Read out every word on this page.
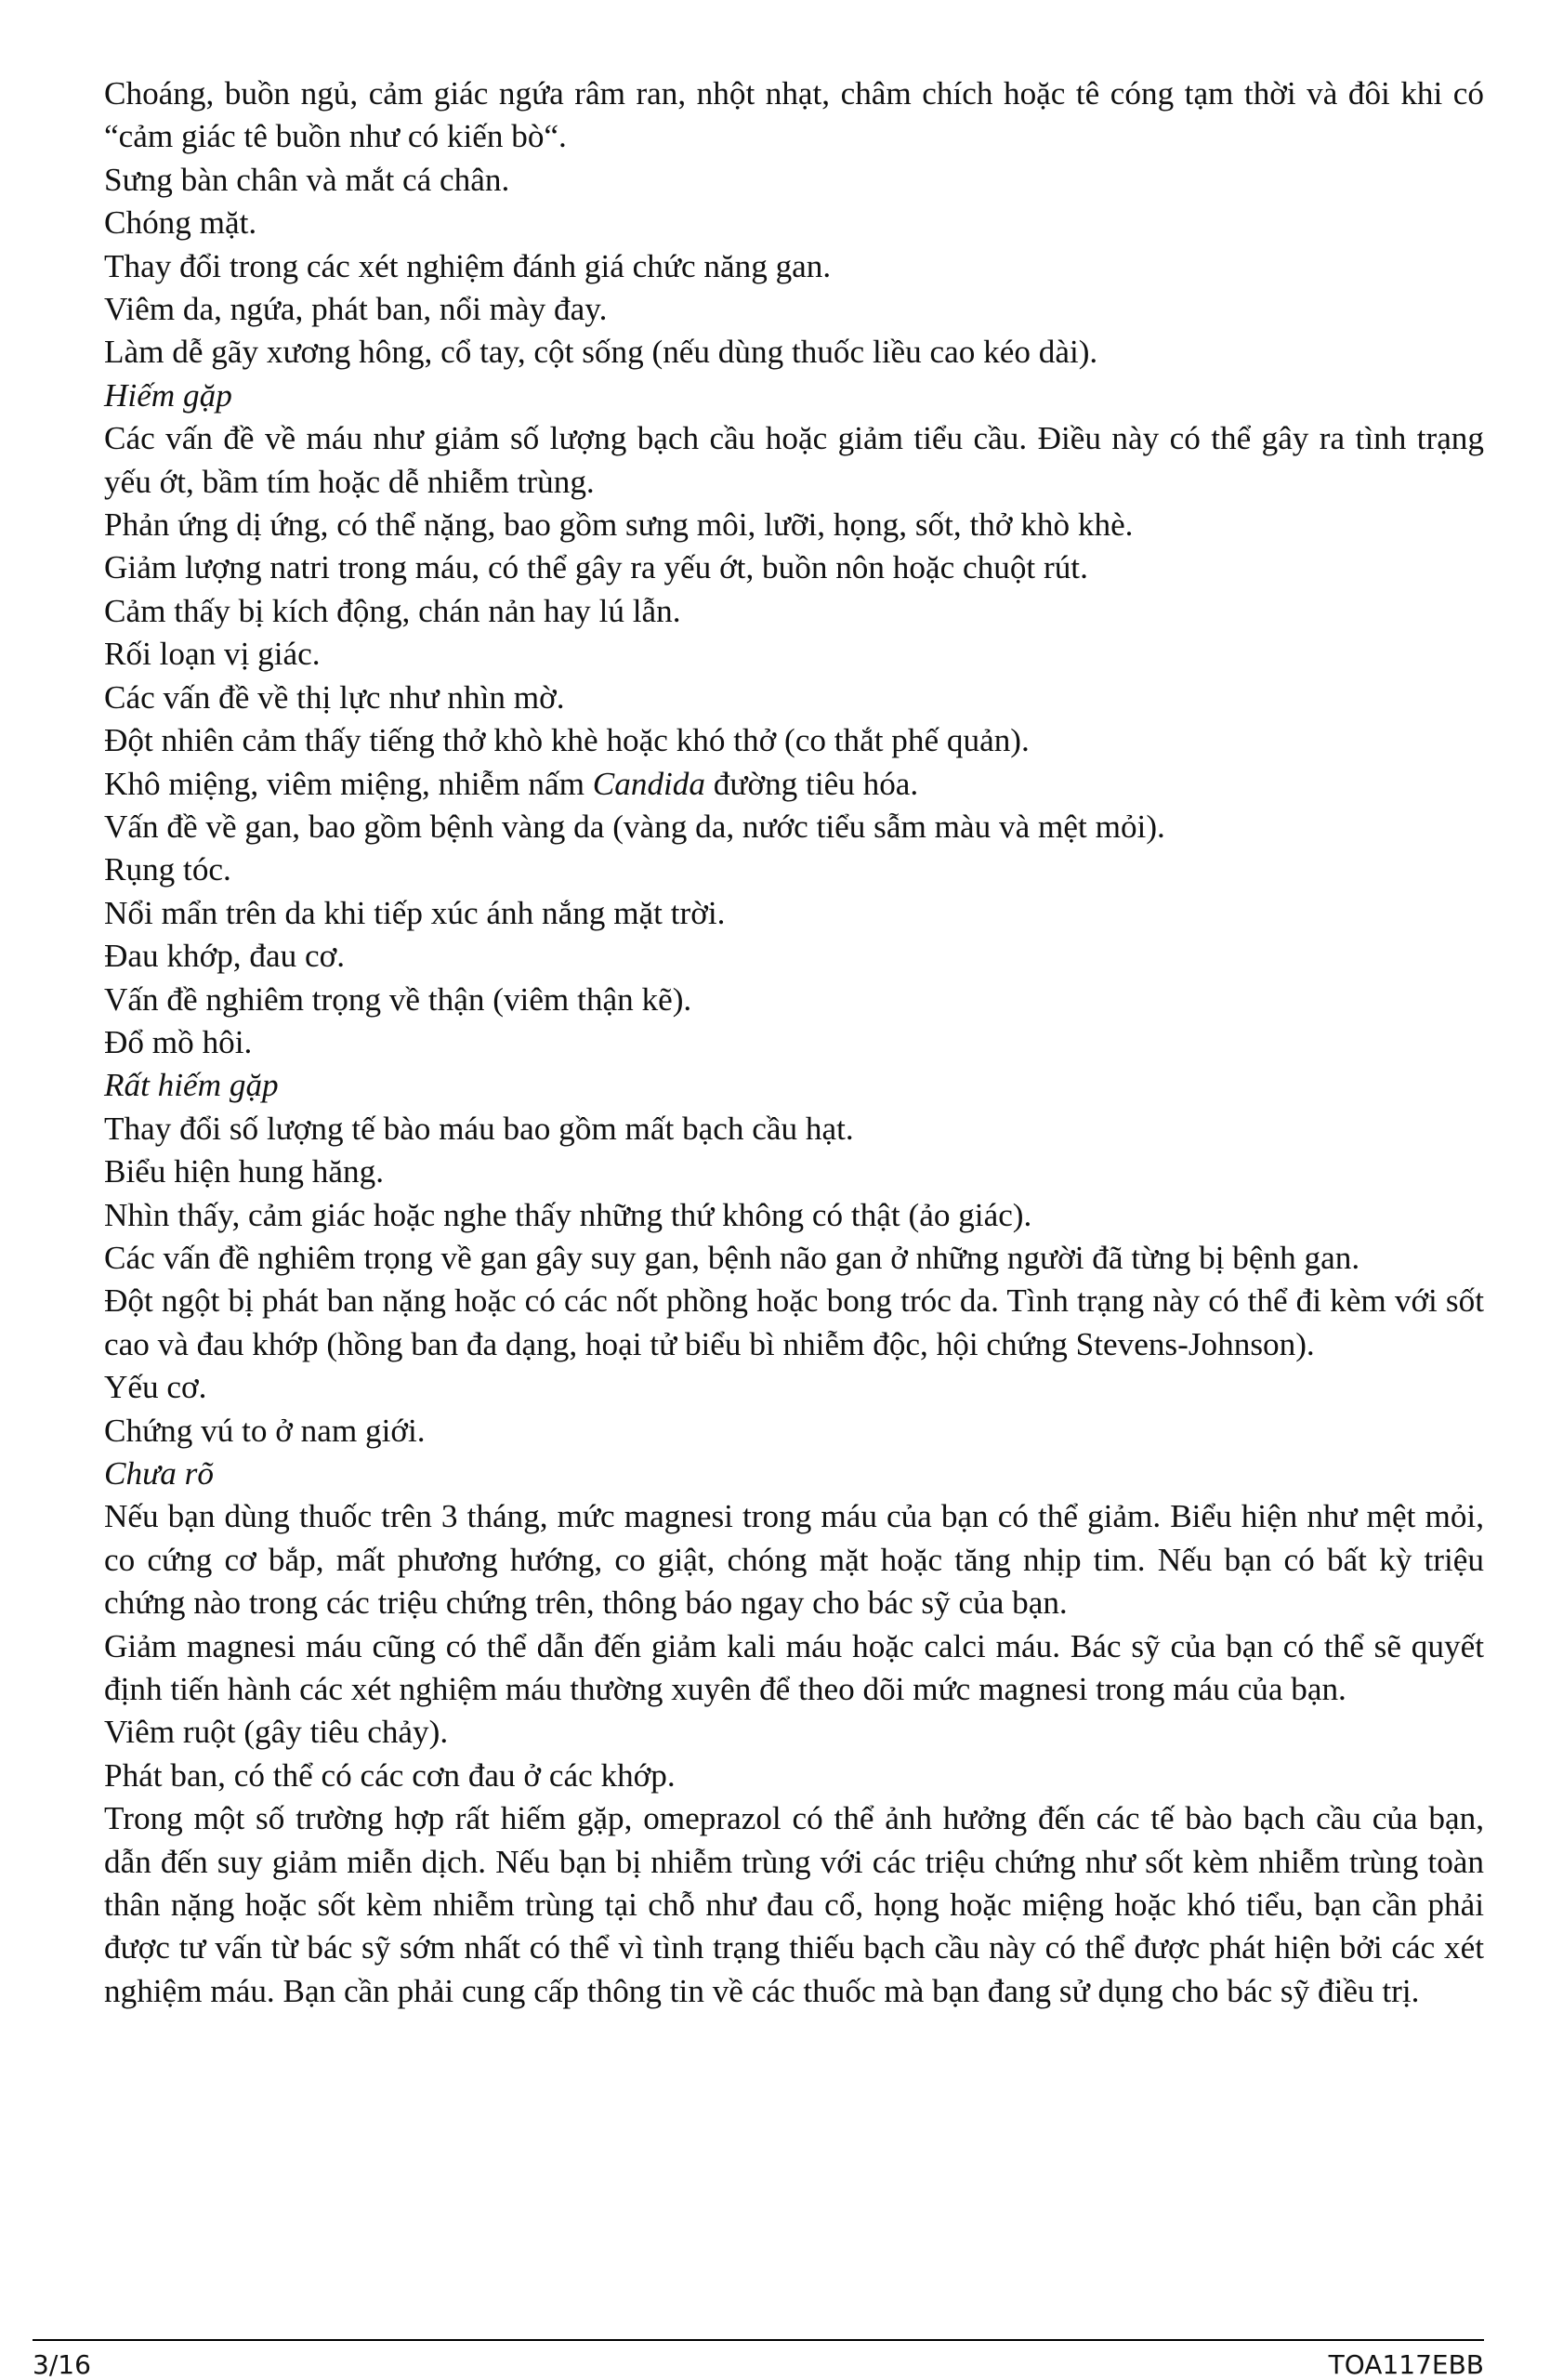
Choáng, buồn ngủ, cảm giác ngứa râm ran, nhột nhạt, châm chích hoặc tê cóng tạm thời và đôi khi có “cảm giác tê buồn như có kiến bò“.

Sưng bàn chân và mắt cá chân.

Chóng mặt.

Thay đổi trong các xét nghiệm đánh giá chức năng gan.

Viêm da, ngứa, phát ban, nổi mày đay.

Làm dễ gãy xương hông, cổ tay, cột sống (nếu dùng thuốc liều cao kéo dài).

Hiếm gặp

Các vấn đề về máu như giảm số lượng bạch cầu hoặc giảm tiểu cầu. Điều này có thể gây ra tình trạng yếu ớt, bầm tím hoặc dễ nhiễm trùng.

Phản ứng dị ứng, có thể nặng, bao gồm sưng môi, lưỡi, họng, sốt, thở khò khè.

Giảm lượng natri trong máu, có thể gây ra yếu ớt, buồn nôn hoặc chuột rút.

Cảm thấy bị kích động, chán nản hay lú lẫn.

Rối loạn vị giác.

Các vấn đề về thị lực như nhìn mờ.

Đột nhiên cảm thấy tiếng thở khò khè hoặc khó thở (co thắt phế quản).

Khô miệng, viêm miệng, nhiễm nấm Candida đường tiêu hóa.

Vấn đề về gan, bao gồm bệnh vàng da (vàng da, nước tiểu sẫm màu và mệt mỏi).

Rụng tóc.

Nổi mẩn trên da khi tiếp xúc ánh nắng mặt trời.

Đau khớp, đau cơ.

Vấn đề nghiêm trọng về thận (viêm thận kẽ).

Đổ mồ hôi.

Rất hiếm gặp

Thay đổi số lượng tế bào máu bao gồm mất bạch cầu hạt.

Biểu hiện hung hăng.

Nhìn thấy, cảm giác hoặc nghe thấy những thứ không có thật (ảo giác).

Các vấn đề nghiêm trọng về gan gây suy gan, bệnh não gan ở những người đã từng bị bệnh gan.

Đột ngột bị phát ban nặng hoặc có các nốt phồng hoặc bong tróc da. Tình trạng này có thể đi kèm với sốt cao và đau khớp (hồng ban đa dạng, hoại tử biểu bì nhiễm độc, hội chứng Stevens-Johnson).

Yếu cơ.

Chứng vú to ở nam giới.

Chưa rõ

Nếu bạn dùng thuốc trên 3 tháng, mức magnesi trong máu của bạn có thể giảm. Biểu hiện như mệt mỏi, co cứng cơ bắp, mất phương hướng, co giật, chóng mặt hoặc tăng nhịp tim. Nếu bạn có bất kỳ triệu chứng nào trong các triệu chứng trên, thông báo ngay cho bác sỹ của bạn.

Giảm magnesi máu cũng có thể dẫn đến giảm kali máu hoặc calci máu. Bác sỹ của bạn có thể sẽ quyết định tiến hành các xét nghiệm máu thường xuyên để theo dõi mức magnesi trong máu của bạn.

Viêm ruột (gây tiêu chảy).

Phát ban, có thể có các cơn đau ở các khớp.

Trong một số trường hợp rất hiếm gặp, omeprazol có thể ảnh hưởng đến các tế bào bạch cầu của bạn, dẫn đến suy giảm miễn dịch. Nếu bạn bị nhiễm trùng với các triệu chứng như sốt kèm nhiễm trùng toàn thân nặng hoặc sốt kèm nhiễm trùng tại chỗ như đau cổ, họng hoặc miệng hoặc khó tiểu, bạn cần phải được tư vấn từ bác sỹ sớm nhất có thể vì tình trạng thiếu bạch cầu này có thể được phát hiện bởi các xét nghiệm máu. Bạn cần phải cung cấp thông tin về các thuốc mà bạn đang sử dụng cho bác sỹ điều trị.

3/16	TOA117EBB
